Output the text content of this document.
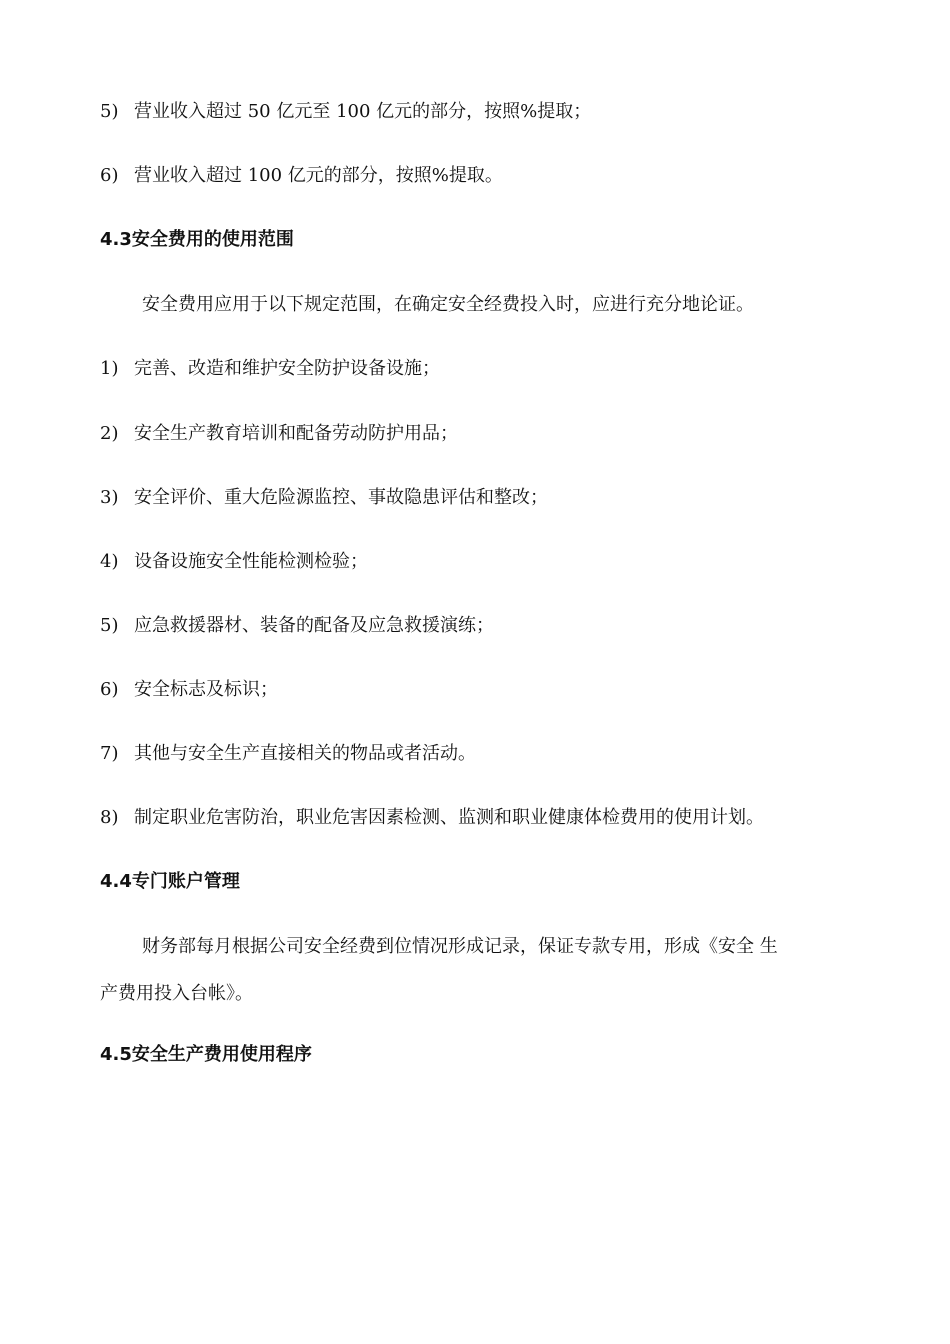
5) 营业收入超过 50 亿元至 100 亿元的部分，按照%提取；
6) 营业收入超过 100 亿元的部分，按照%提取。
4.3安全费用的使用范围
安全费用应用于以下规定范围，在确定安全经费投入时，应进行充分地论证。
1) 完善、改造和维护安全防护设备设施；
2) 安全生产教育培训和配备劳动防护用品；
3) 安全评价、重大危险源监控、事故隐患评估和整改；
4) 设备设施安全性能检测检验；
5) 应急救援器材、装备的配备及应急救援演练；
6) 安全标志及标识；
7) 其他与安全生产直接相关的物品或者活动。
8) 制定职业危害防治，职业危害因素检测、监测和职业健康体检费用的使用计划。
4.4专门账户管理
财务部每月根据公司安全经费到位情况形成记录，保证专款专用，形成《安全 生
产费用投入台帐》。
4.5安全生产费用使用程序
